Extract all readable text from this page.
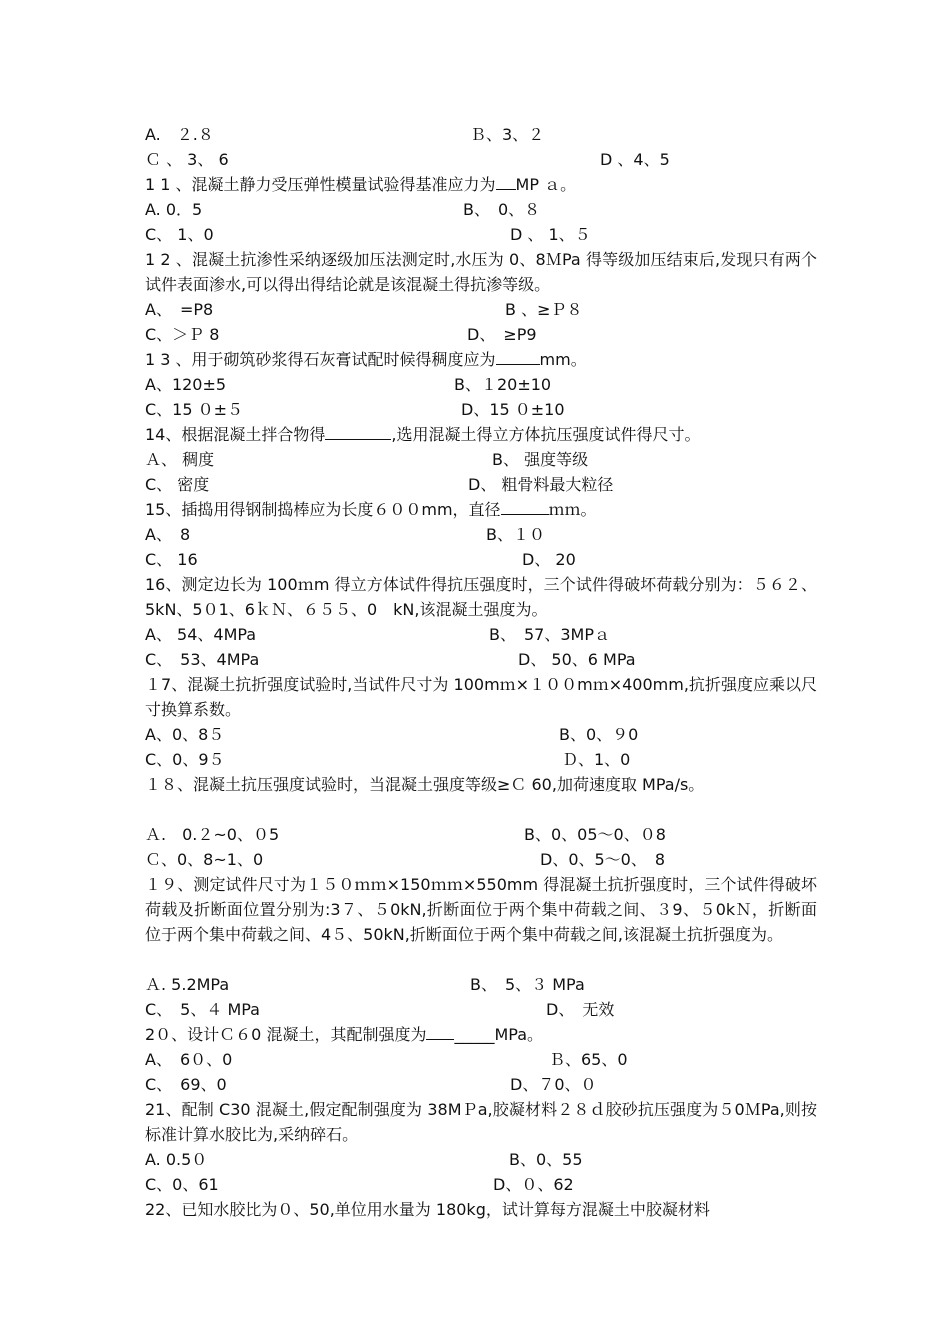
A.　２.８	Ｂ、3、２
Ｃ 、 3、 6	D 、4、5
1 1 、混凝土静力受压弹性模量试验得基准应力为 MP ａ。
A. 0．5	B、　0、８
C、 1、0	D 、 1、５
1 2 、混凝土抗渗性采纳逐级加压法测定时,水压为 0、8ＭPa 得等级加压结束后,发现只有两个试件表面渗水,可以得出得结论就是该混凝土得抗渗等级。
A、　=P8	B 、≥Ｐ８
C、＞Ｐ 8	D、　≥P9
1 3 、用于砌筑砂浆得石灰膏试配时候得稠度应为	mm。
A、120±5	B、１20±10
C、15 ０±５	D、15 ０±10
14、根据混凝土拌合物得	,选用混凝土得立方体抗压强度试件得尺寸。
Ａ、 稠度	B、 强度等级
C、 密度	D、 粗骨料最大粒径
15、插捣用得钢制捣棒应为长度６００mm，直径	ｍｍ。
A、　8	B、１０
C、 16	D、 20
16、测定边长为 100ｍm 得立方体试件得抗压强度时，三个试件得破坏荷载分别为：５６２、5kN、5０1、6ｋＮ、６５５、0　kN,该混凝土强度为。
A、 54、4MPa	B、　57、3MPａ
C、　53、4MPa	D、 50、6 MPa
１7、混凝土抗折强度试验时,当试件尺寸为 100mｍ×１００mｍ×400mm,抗折强度应乘以尺寸换算系数。
A、0、8５	B、0、９0
C、0、9５	Ｄ、1、0
１８、混凝土抗压强度试验时，当混凝土强度等级≥Ｃ 60,加荷速度取 MPa/s。
Ａ.　0.２~0、０5	B、0、05～0、０8
Ｃ、0、8~1、0	D、0、5～0、　8
１９、测定试件尺寸为１５０ｍｍ×150ｍｍ×550mm 得混凝土抗折强度时，三个试件得破坏荷载及折断面位置分别为:3７、５0kN,折断面位于两个集中荷载之间、３9、５0kＮ，折断面位于两个集中荷载之间、4５、50kN,折断面位于两个集中荷载之间,该混凝土抗折强度为。
Ａ. 5.2MPa	B、　5、３ MPa
C、　5、４ MPa	D、　无效
2０、设计Ｃ６0 混凝土，其配制强度为 _____MPa。
A、　6０、0	Ｂ、65、0
C、　69、0	D、７0、０
21、配制 C30 混凝土,假定配制强度为 38MＰa,胶凝材料２８ｄ胶砂抗压强度为５0ＭPa,则按标准计算水胶比为,采纳碎石。
A. 0.5０	B、0、55
C、0、61	D、０、62
22、已知水胶比为０、50,单位用水量为 180kg，试计算每方混凝土中胶凝材料
